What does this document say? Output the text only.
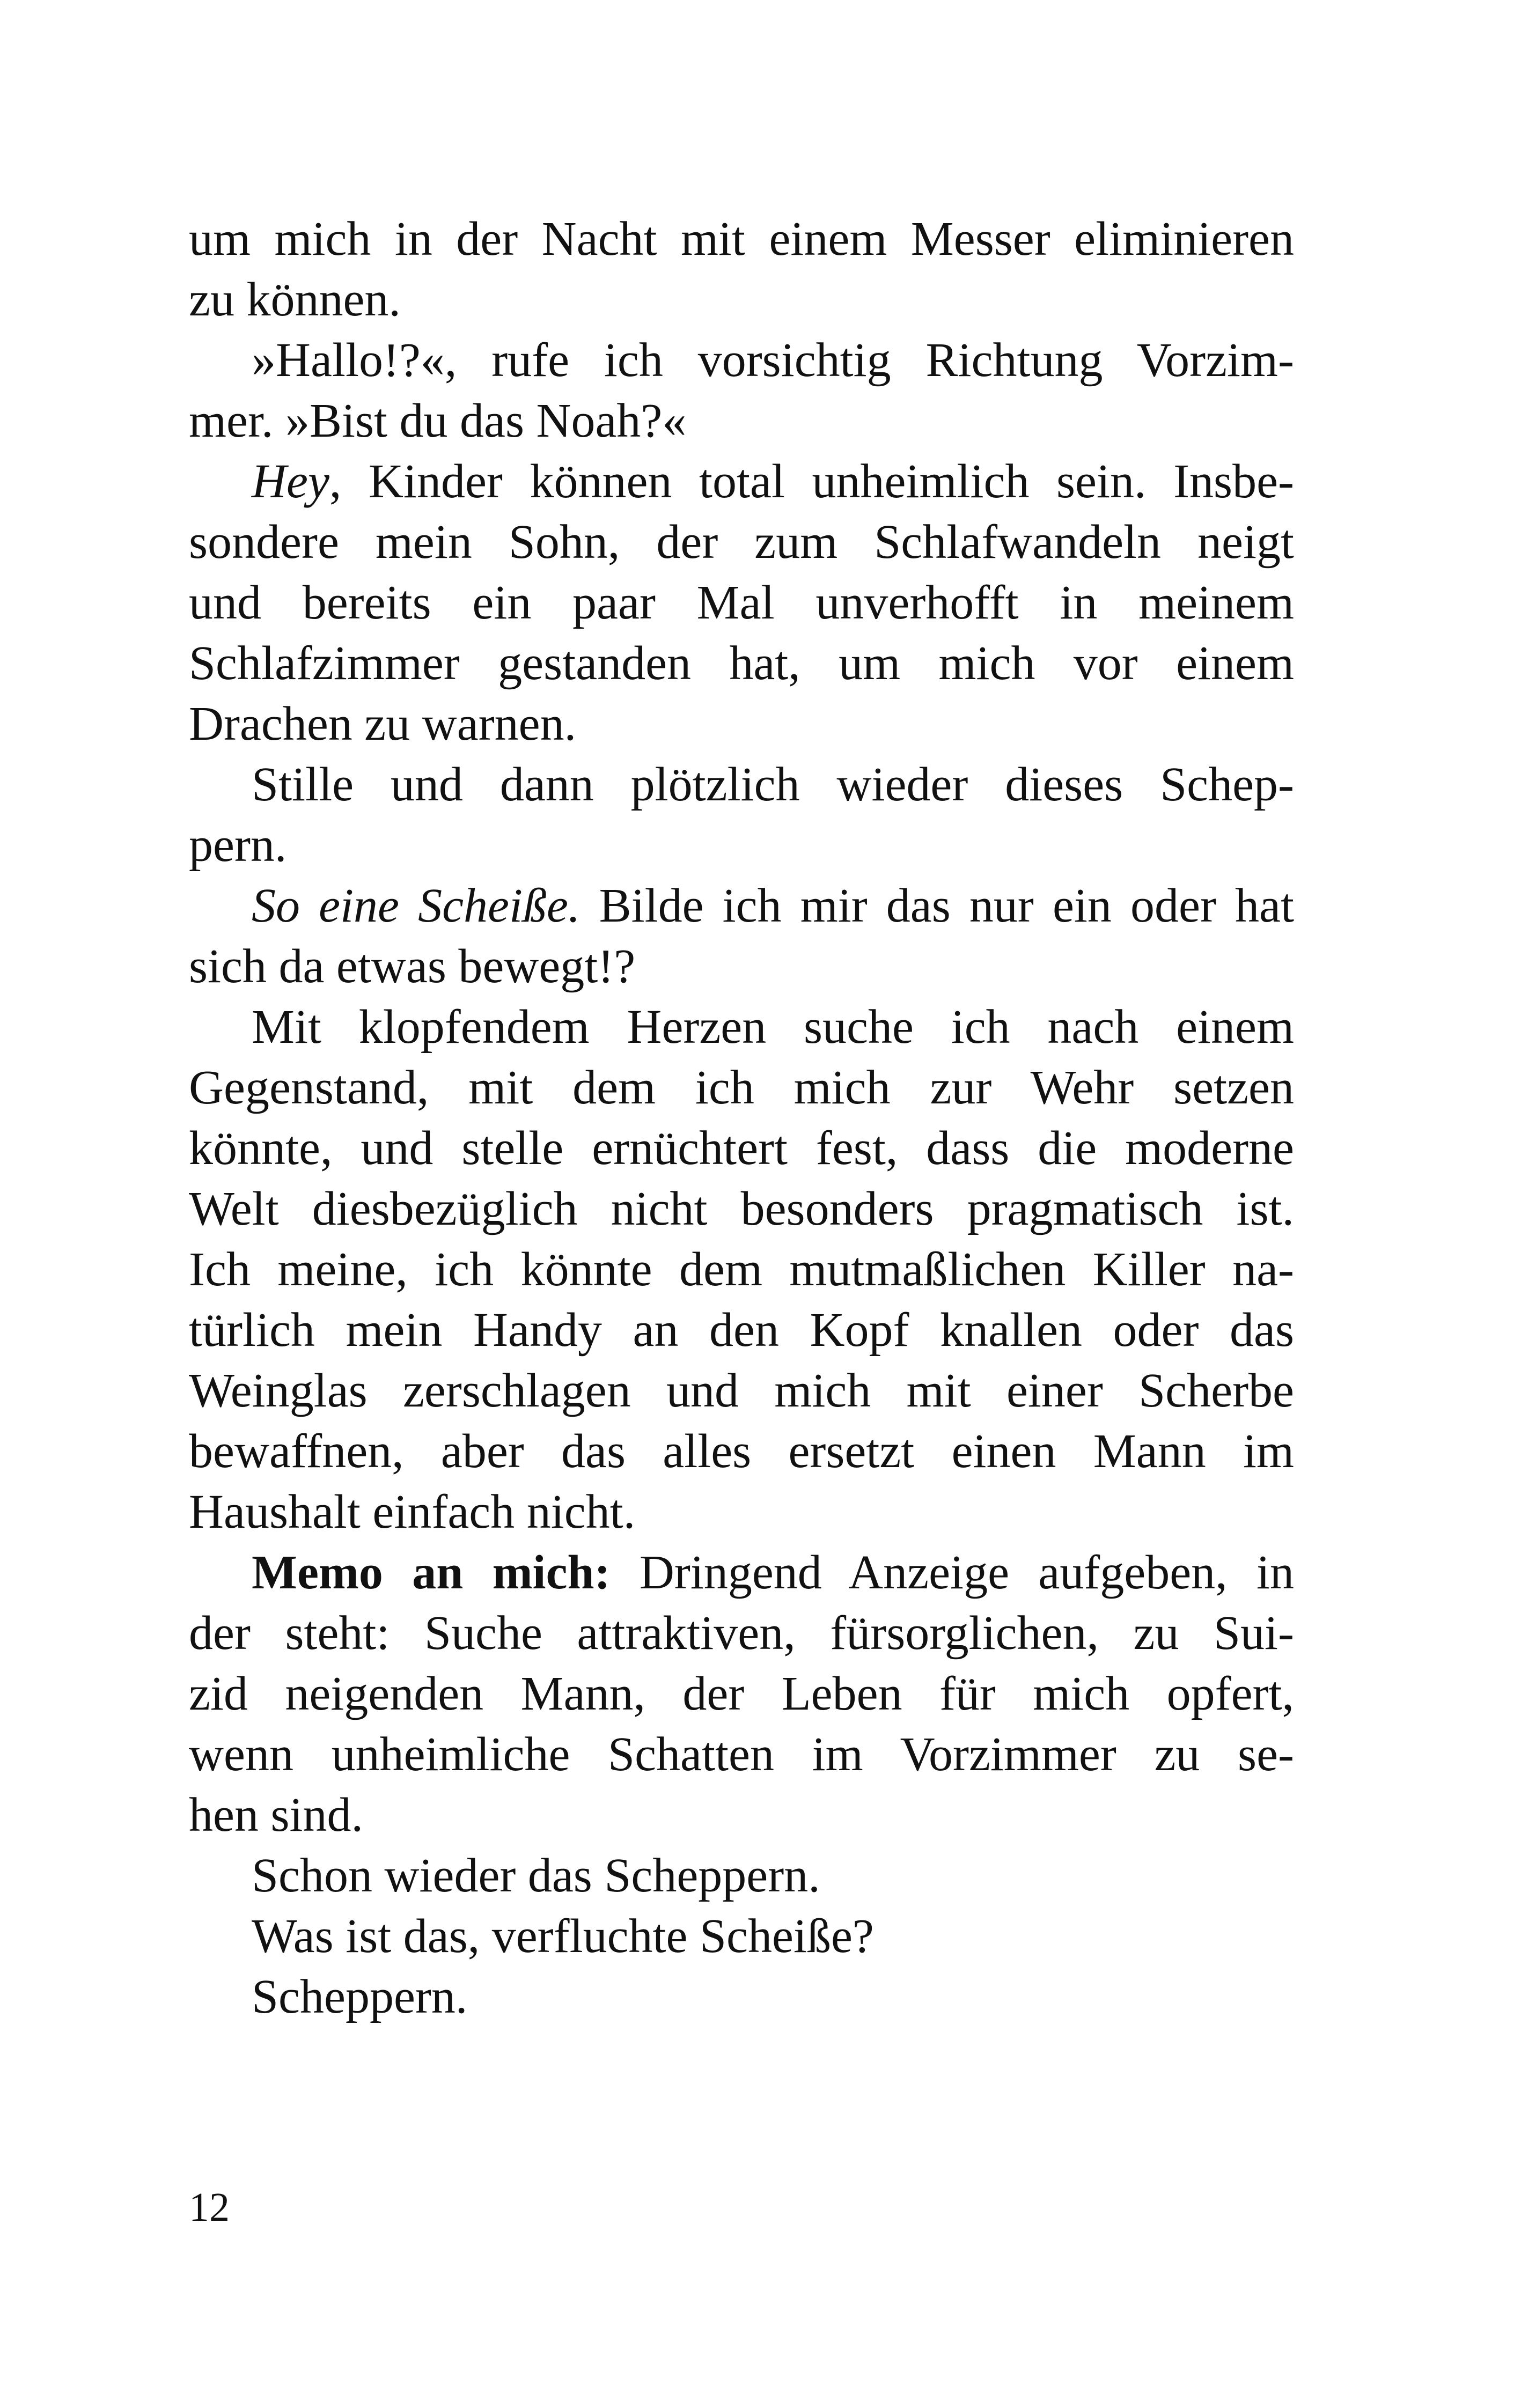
um mich in der Nacht mit einem Messer eliminieren
zu können.
»Hallo!?«, rufe ich vorsichtig Richtung Vorzim-
mer. »Bist du das Noah?«
Hey, Kinder können total unheimlich sein. Insbe-
sondere mein Sohn, der zum Schlafwandeln neigt
und bereits ein paar Mal unverhofft in meinem
Schlafzimmer gestanden hat, um mich vor einem
Drachen zu warnen.
Stille und dann plötzlich wieder dieses Schep-
pern.
So eine Scheiße. Bilde ich mir das nur ein oder hat
sich da etwas bewegt!?
Mit klopfendem Herzen suche ich nach einem
Gegenstand, mit dem ich mich zur Wehr setzen
könnte, und stelle ernüchtert fest, dass die moderne
Welt diesbezüglich nicht besonders pragmatisch ist.
Ich meine, ich könnte dem mutmaßlichen Killer na-
türlich mein Handy an den Kopf knallen oder das
Weinglas zerschlagen und mich mit einer Scherbe
bewaffnen, aber das alles ersetzt einen Mann im
Haushalt einfach nicht.
Memo an mich: Dringend Anzeige aufgeben, in
der steht: Suche attraktiven, fürsorglichen, zu Sui-
zid neigenden Mann, der Leben für mich opfert,
wenn unheimliche Schatten im Vorzimmer zu se-
hen sind.
Schon wieder das Scheppern.
Was ist das, verfluchte Scheiße?
Scheppern.
12
